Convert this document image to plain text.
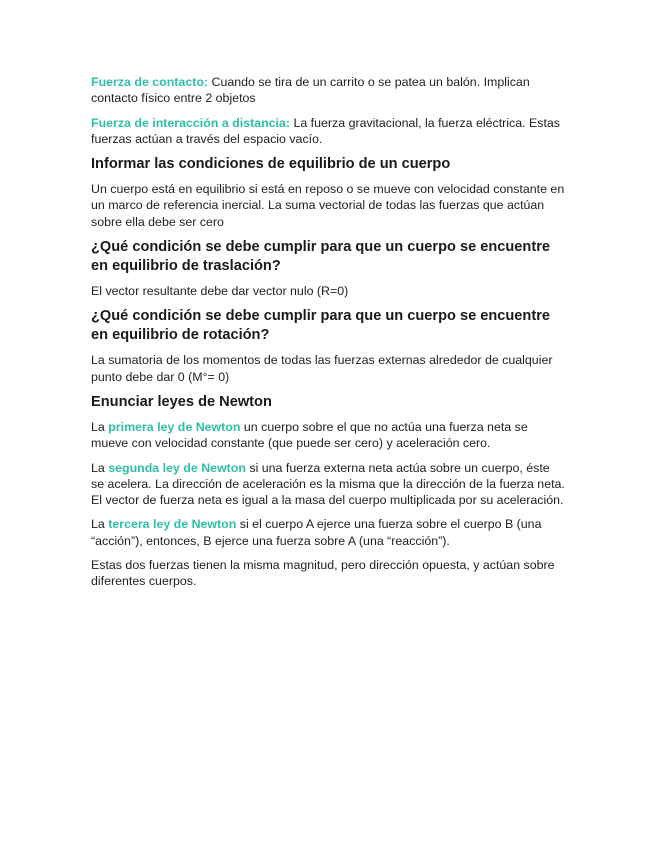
Fuerza de contacto: Cuando se tira de un carrito o se patea un balón. Implican contacto físico entre 2 objetos

Fuerza de interacción a distancia: La fuerza gravitacional, la fuerza eléctrica. Estas fuerzas actúan a través del espacio vacío.

Informar las condiciones de equilibrio de un cuerpo

Un cuerpo está en equilibrio si está en reposo o se mueve con velocidad constante en un marco de referencia inercial. La suma vectorial de todas las fuerzas que actúan sobre ella debe ser cero

¿Qué condición se debe cumplir para que un cuerpo se encuentre en equilibrio de traslación?

El vector resultante debe dar vector nulo (R=0)

¿Qué condición se debe cumplir para que un cuerpo se encuentre en equilibrio de rotación?

La sumatoria de los momentos de todas las fuerzas externas alrededor de cualquier punto debe dar 0 (M°= 0)

Enunciar leyes de Newton

La primera ley de Newton un cuerpo sobre el que no actúa una fuerza neta se mueve con velocidad constante (que puede ser cero) y aceleración cero.

La segunda ley de Newton si una fuerza externa neta actúa sobre un cuerpo, éste se acelera. La dirección de aceleración es la misma que la dirección de la fuerza neta. El vector de fuerza neta es igual a la masa del cuerpo multiplicada por su aceleración.

La tercera ley de Newton si el cuerpo A ejerce una fuerza sobre el cuerpo B (una “acción”), entonces, B ejerce una fuerza sobre A (una “reacción”).

Estas dos fuerzas tienen la misma magnitud, pero dirección opuesta, y actúan sobre diferentes cuerpos.
